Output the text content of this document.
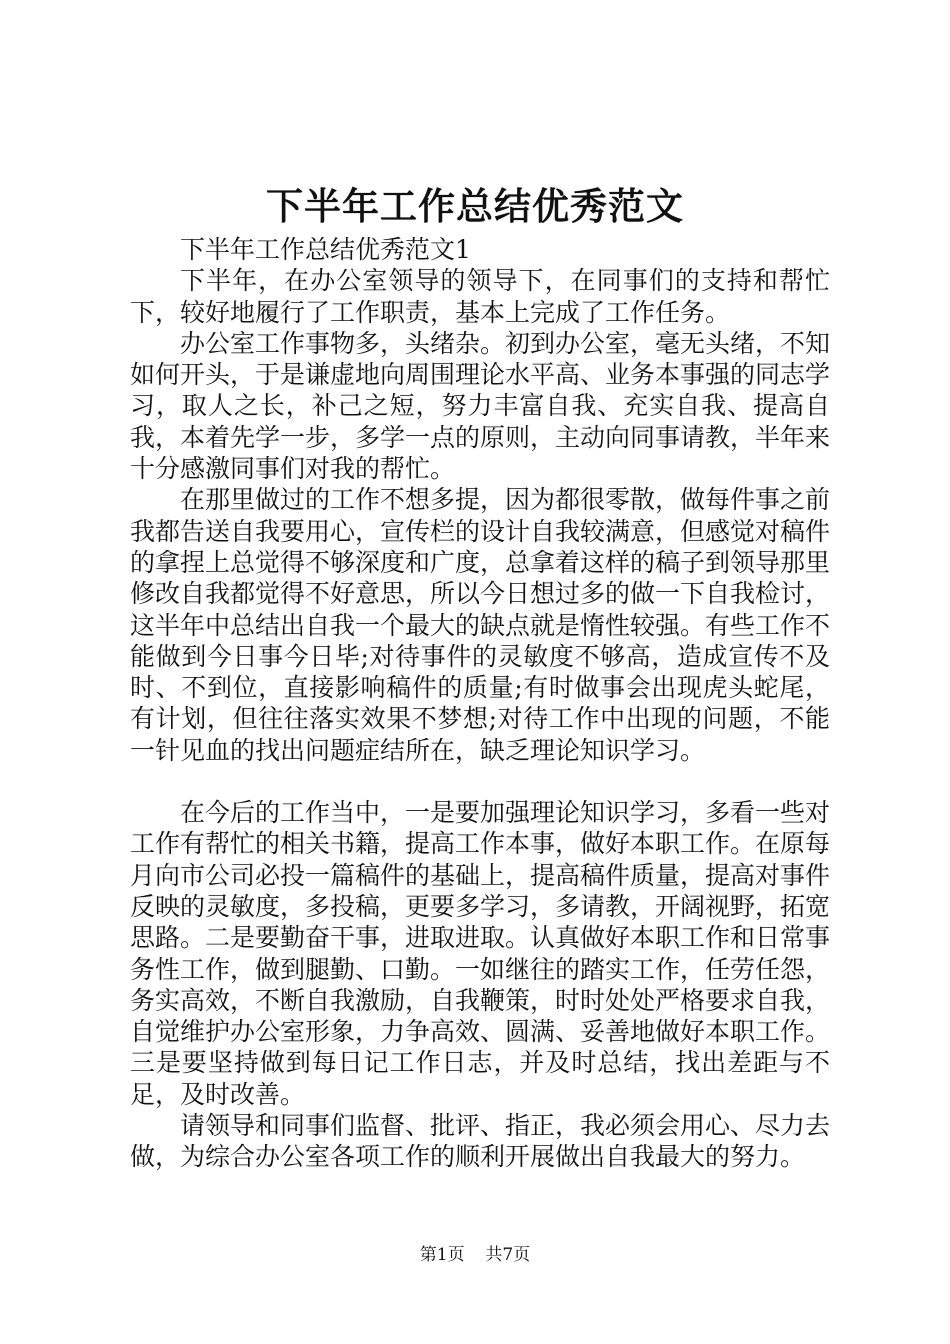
下半年工作总结优秀范文

下半年工作总结优秀范文1

下半年，在办公室领导的领导下，在同事们的支持和帮忙下，较好地履行了工作职责，基本上完成了工作任务。

办公室工作事物多，头绪杂。初到办公室，毫无头绪，不知如何开头，于是谦虚地向周围理论水平高、业务本事强的同志学习，取人之长，补己之短，努力丰富自我、充实自我、提高自我，本着先学一步，多学一点的原则，主动向同事请教，半年来十分感激同事们对我的帮忙。

在那里做过的工作不想多提，因为都很零散，做每件事之前我都告送自我要用心，宣传栏的设计自我较满意，但感觉对稿件的拿捏上总觉得不够深度和广度，总拿着这样的稿子到领导那里修改自我都觉得不好意思，所以今日想过多的做一下自我检讨，这半年中总结出自我一个最大的缺点就是惰性较强。有些工作不能做到今日事今日毕;对待事件的灵敏度不够高，造成宣传不及时、不到位，直接影响稿件的质量;有时做事会出现虎头蛇尾，有计划，但往往落实效果不梦想;对待工作中出现的问题，不能一针见血的找出问题症结所在，缺乏理论知识学习。

在今后的工作当中，一是要加强理论知识学习，多看一些对工作有帮忙的相关书籍，提高工作本事，做好本职工作。在原每月向市公司必投一篇稿件的基础上，提高稿件质量，提高对事件反映的灵敏度，多投稿，更要多学习，多请教，开阔视野，拓宽思路。二是要勤奋干事，进取进取。认真做好本职工作和日常事务性工作，做到腿勤、口勤。一如继往的踏实工作，任劳任怨，务实高效，不断自我激励，自我鞭策，时时处处严格要求自我，自觉维护办公室形象，力争高效、圆满、妥善地做好本职工作。三是要坚持做到每日记工作日志，并及时总结，找出差距与不足，及时改善。

请领导和同事们监督、批评、指正，我必须会用心、尽力去做，为综合办公室各项工作的顺利开展做出自我最大的努力。

第1页 共7页
